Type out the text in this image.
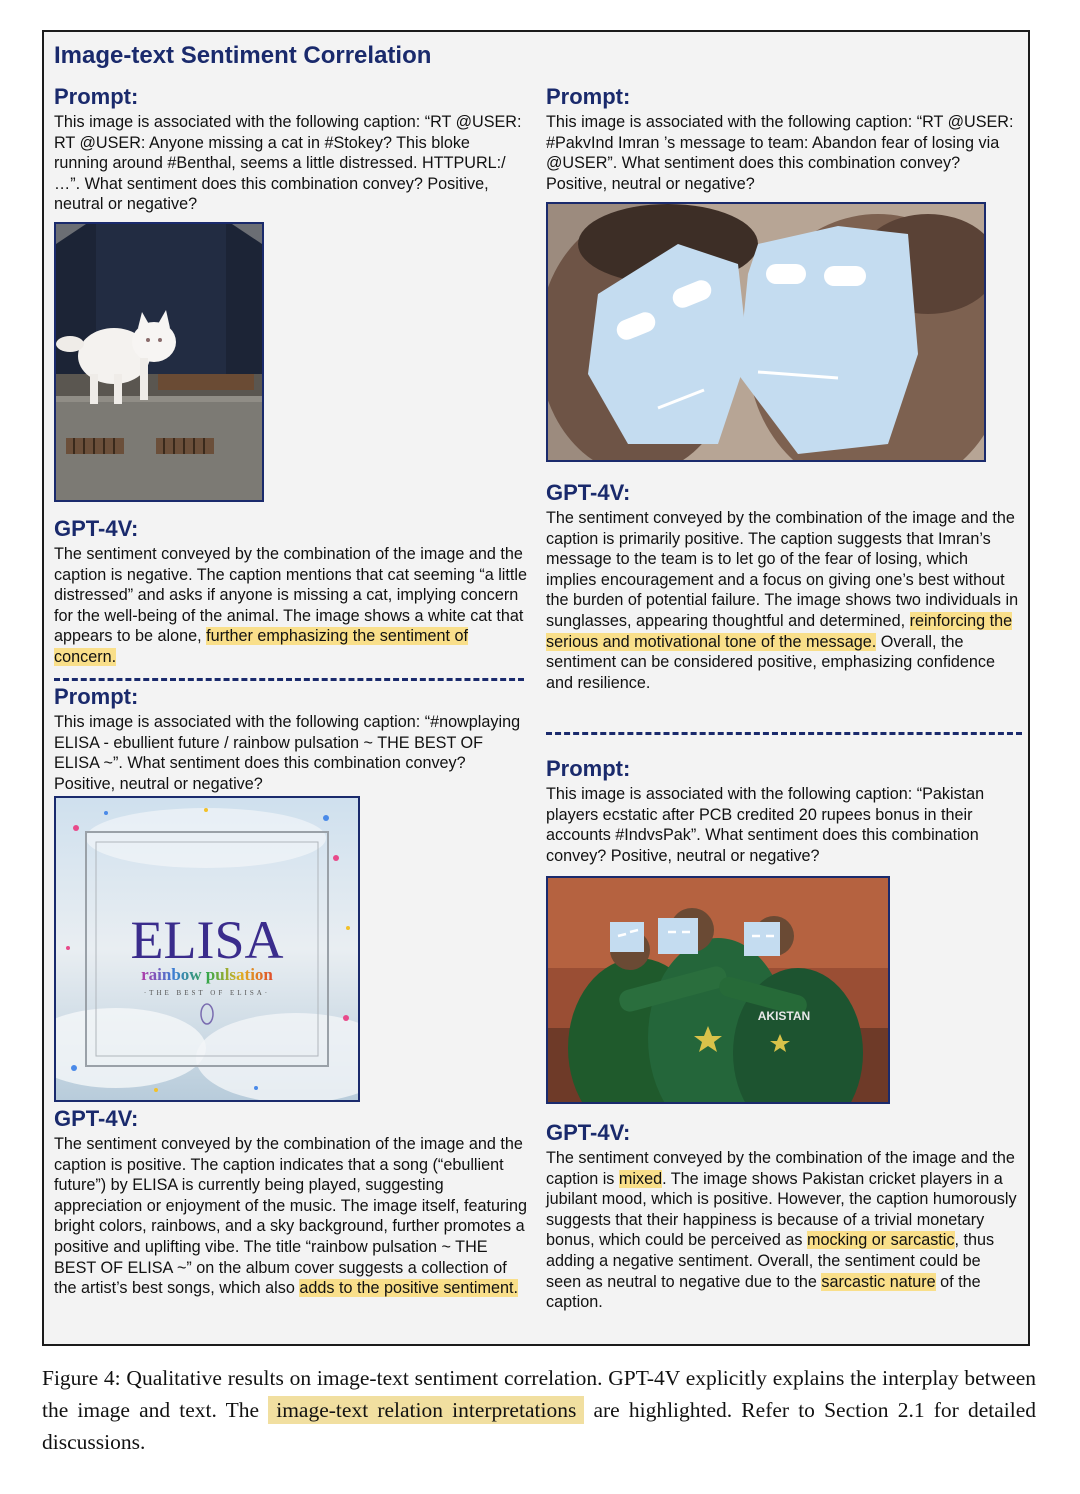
Image-text Sentiment Correlation
Prompt:

This image is associated with the following caption: “RT @USER: RT @USER: Anyone missing a cat in #Stokey? This bloke running around #Benthal, seems a little distressed. HTTPURL:/ …”. What sentiment does this combination convey? Positive, neutral or negative?

GPT-4V:

The sentiment conveyed by the combination of the image and the caption is negative. The caption mentions that cat seeming “a little distressed” and asks if anyone is missing a cat, implying concern for the well-being of the animal. The image shows a white cat that appears to be alone, further emphasizing the sentiment of concern.

Prompt:

This image is associated with the following caption: “#nowplaying ELISA - ebullient future / rainbow pulsation ~ THE BEST OF ELISA ~”. What sentiment does this combination convey? Positive, neutral or negative?

ELISA
rainbow pulsation
·THE BEST OF ELISA·
GPT-4V:

The sentiment conveyed by the combination of the image and the caption is positive. The caption indicates that a song (“ebullient future”) by ELISA is currently being played, suggesting appreciation or enjoyment of the music. The image itself, featuring bright colors, rainbows, and a sky background, further promotes a positive and uplifting vibe. The title “rainbow pulsation ~ THE BEST OF ELISA ~” on the album cover suggests a collection of the artist’s best songs, which also adds to the positive sentiment.

Prompt:

This image is associated with the following caption: “RT @USER: #PakvInd Imran ’s message to team: Abandon fear of losing via @USER”. What sentiment does this combination convey? Positive, neutral or negative?

GPT-4V:

The sentiment conveyed by the combination of the image and the caption is primarily positive. The caption suggests that Imran’s message to the team is to let go of the fear of losing, which implies encouragement and a focus on giving one’s best without the burden of potential failure. The image shows two individuals in sunglasses, appearing thoughtful and determined, reinforcing the serious and motivational tone of the message. Overall, the sentiment can be considered positive, emphasizing confidence and resilience.

Prompt:

This image is associated with the following caption: “Pakistan players ecstatic after PCB credited 20 rupees bonus in their accounts #IndvsPak”. What sentiment does this combination convey? Positive, neutral or negative?

AKISTAN
GPT-4V:

The sentiment conveyed by the combination of the image and the caption is mixed. The image shows Pakistan cricket players in a jubilant mood, which is positive. However, the caption humorously suggests that their happiness is because of a trivial monetary bonus, which could be perceived as mocking or sarcastic, thus adding a negative sentiment. Overall, the sentiment could be seen as neutral to negative due to the sarcastic nature of the caption.

Figure 4: Qualitative results on image-text sentiment correlation. GPT-4V explicitly explains the interplay between the image and text. The image-text relation interpretations are highlighted. Refer to Section 2.1 for detailed discussions.
